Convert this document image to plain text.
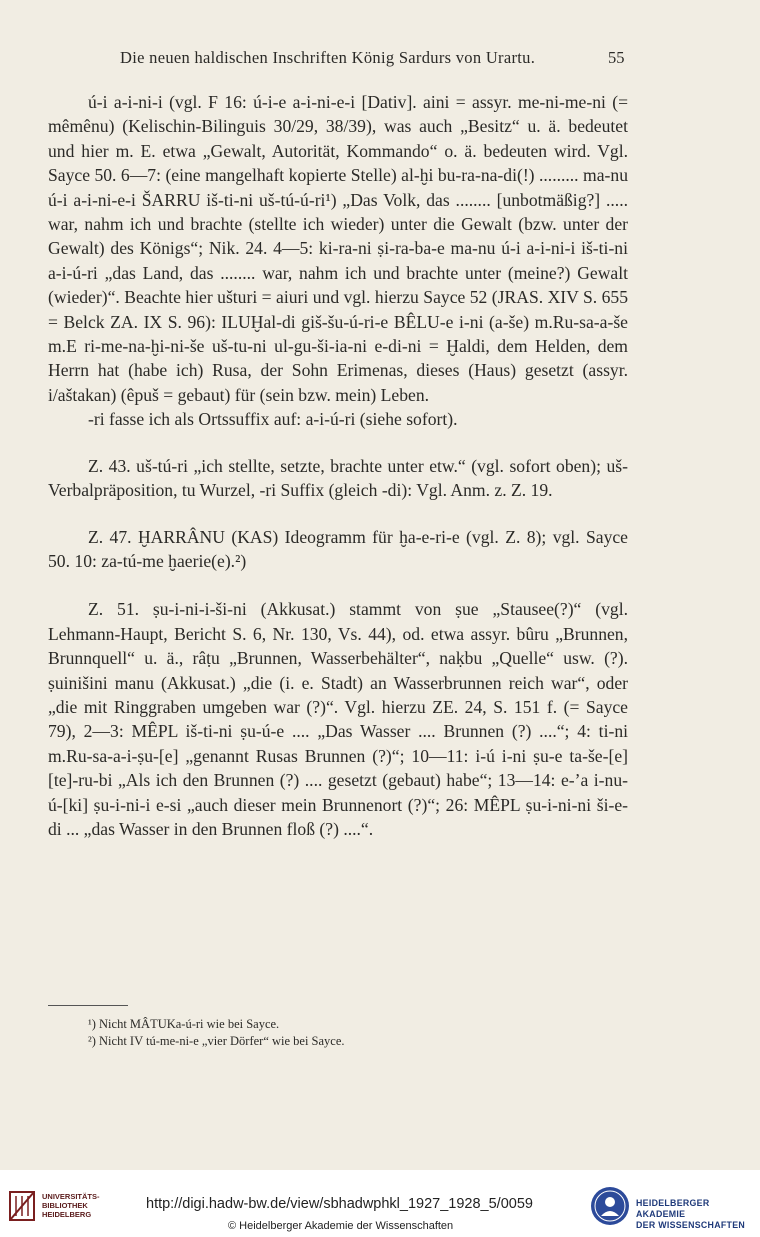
Die neuen haldischen Inschriften König Sardurs von Urartu.	55

ú-i a-i-ni-i (vgl. F 16: ú-i-e a-i-ni-e-i [Dativ]. aini = assyr. me-ni-me-ni (= mêmênu) (Kelischin-Bilinguis 30/29, 38/39), was auch „Besitz“ u. ä. bedeutet und hier m. E. etwa „Gewalt, Autorität, Kommando“ o. ä. bedeuten wird. Vgl. Sayce 50. 6—7: (eine mangelhaft kopierte Stelle) al-ḫi bu-ra-na-di(!) ......... ma-nu ú-i a-i-ni-e-i ŠARRU iš-ti-ni uš-tú-ú-ri¹) „Das Volk, das ........ [unbotmäßig?] ..... war, nahm ich und brachte (stellte ich wieder) unter die Gewalt (bzw. unter der Gewalt) des Königs“; Nik. 24. 4—5: ki-ra-ni ṣi-ra-ba-e ma-nu ú-i a-i-ni-i iš-ti-ni a-i-ú-ri „das Land, das ........ war, nahm ich und brachte unter (meine?) Gewalt (wieder)“. Beachte hier ušturi = aiuri und vgl. hierzu Sayce 52 (JRAS. XIV S. 655 = Belck ZA. IX S. 96): ILUḪal-di giš-šu-ú-ri-e BÊLU-e i-ni (a-še) m.Ru-sa-a-še m.E ri-me-na-ḫi-ni-še uš-tu-ni ul-gu-ši-ia-ni e-di-ni = Ḫaldi, dem Helden, dem Herrn hat (habe ich) Rusa, der Sohn Erimenas, dieses (Haus) gesetzt (assyr. i/aštakan) (êpuš = gebaut) für (sein bzw. mein) Leben.

-ri fasse ich als Ortssuffix auf: a-i-ú-ri (siehe sofort).

Z. 43. uš-tú-ri „ich stellte, setzte, brachte unter etw.“ (vgl. sofort oben); uš- Verbalpräposition, tu Wurzel, -ri Suffix (gleich -di): Vgl. Anm. z. Z. 19.

Z. 47. ḪARRÂNU (KAS) Ideogramm für ḫa-e-ri-e (vgl. Z. 8); vgl. Sayce 50. 10: za-tú-me ḫaerie(e).²)

Z. 51. ṣu-i-ni-i-ši-ni (Akkusat.) stammt von ṣue „Stausee(?)“ (vgl. Lehmann-Haupt, Bericht S. 6, Nr. 130, Vs. 44), od. etwa assyr. bûru „Brunnen, Brunnquell“ u. ä., râṭu „Brunnen, Wasserbehälter“, naḳbu „Quelle“ usw. (?). ṣuinišini manu (Akkusat.) „die (i. e. Stadt) an Wasserbrunnen reich war“, oder „die mit Ringgraben umgeben war (?)“. Vgl. hierzu ZE. 24, S. 151 f. (= Sayce 79), 2—3: MÊPL iš-ti-ni ṣu-ú-e .... „Das Wasser .... Brunnen (?) ....“; 4: ti-ni m.Ru-sa-a-i-ṣu-[e] „genannt Rusas Brunnen (?)“; 10—11: i-ú i-ni ṣu-e ta-še-[e] [te]-ru-bi „Als ich den Brunnen (?) .... gesetzt (gebaut) habe“; 13—14: e-’a i-nu-ú-[ki] ṣu-i-ni-i e-si „auch dieser mein Brunnenort (?)“; 26: MÊPL ṣu-i-ni-ni ši-e-di ... „das Wasser in den Brunnen floß (?) ....“.

¹) Nicht MÂTUKa-ú-ri wie bei Sayce.
²) Nicht IV tú-me-ni-e „vier Dörfer“ wie bei Sayce.
UNIVERSITÄTS-
BIBLIOTHEK
HEIDELBERG
http://digi.hadw-bw.de/view/sbhadwphkl_1927_1928_5/0059
© Heidelberger Akademie der Wissenschaften
HEIDELBERGER AKADEMIE
DER WISSENSCHAFTEN
